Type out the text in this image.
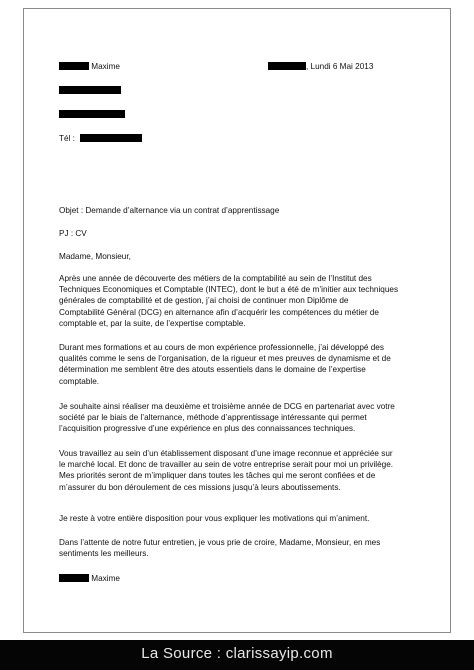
Maxime	, Lundi 6 Mai 2013
Tél :
Objet : Demande d’alternance via un contrat d’apprentissage
PJ : CV
Madame, Monsieur,
Après une année de découverte des métiers de la comptabilité au sein de l’Institut des
Techniques Economiques et Comptable (INTEC), dont le but a été de m’initier aux techniques
générales de comptabilité et de gestion, j’ai choisi de continuer mon Diplôme de
Comptabilité Général (DCG) en alternance afin d’acquérir les compétences du métier de
comptable et, par la suite, de l’expertise comptable.
Durant mes formations et au cours de mon expérience professionnelle, j’ai développé des
qualités comme le sens de l’organisation, de la rigueur et mes preuves de dynamisme et de
détermination me semblent être des atouts essentiels dans le domaine de l’expertise
comptable.
Je souhaite ainsi réaliser ma deuxième et troisième année de DCG en partenariat avec votre
société par le biais de l’alternance, méthode d’apprentissage intéressante qui permet
l’acquisition progressive d’une expérience en plus des connaissances techniques.
Vous travaillez au sein d’un établissement disposant d’une image reconnue et appréciée sur
le marché local. Et donc de travailler au sein de votre entreprise serait pour moi un privilège.
Mes priorités seront de m’impliquer dans toutes les tâches qui me seront confiées et de
m’assurer du bon déroulement de ces missions jusqu’à leurs aboutissements.
Je reste à votre entière disposition pour vous expliquer les motivations qui m’animent.
Dans l’attente de notre futur entretien, je vous prie de croire, Madame, Monsieur, en mes
sentiments les meilleurs.
Maxime
La Source : clarissayip.com
